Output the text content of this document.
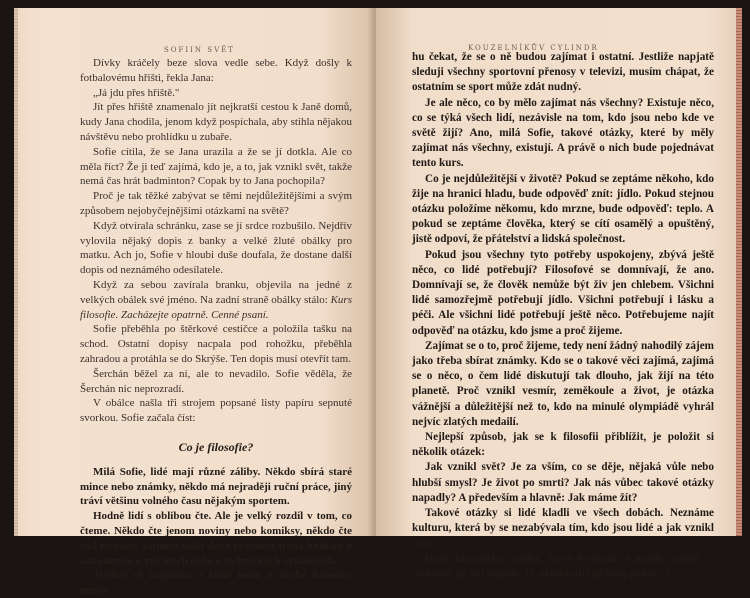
SOFIIN SVĚT

Dívky kráčely beze slova vedle sebe. Když došly k fotbalovému hřišti, řekla Jana:

„Já jdu přes hřiště."

Jít přes hřiště znamenalo jít nejkratší cestou k Janě domů, kudy Jana chodila, jenom když pospíchala, aby stihla nějakou návštěvu nebo prohlídku u zubaře.

Sofie cítila, že se Jana urazila a že se jí dotkla. Ale co měla říct? Že ji teď zajímá, kdo je, a to, jak vznikl svět, takže nemá čas hrát badminton? Copak by to Jana pochopila?

Proč je tak těžké zabývat se těmi nejdůležitějšími a svým způsobem nejobyčejnějšími otázkami na světě?

Když otvírala schránku, zase se jí srdce rozbušilo. Nejdřív vylovila nějaký dopis z banky a velké žluté obálky pro matku. Ach jo, Sofie v hloubi duše doufala, že dostane další dopis od neznámého odesílatele.

Když za sebou zavírala branku, objevila na jedné z velkých obálek své jméno. Na zadní straně obálky stálo: Kurs filosofie. Zacházejte opatrně. Cenné psaní.

Sofie přeběhla po štěrkové cestičce a položila tašku na schod. Ostatní dopisy nacpala pod rohožku, přeběhla zahradou a protáhla se do Skrýše. Ten dopis musí otevřít tam.

Šerchán běžel za ní, ale to nevadilo. Sofie věděla, že Šerchán nic neprozradí.

V obálce našla tři strojem popsané listy papíru sepnuté svorkou. Sofie začala číst:

Co je filosofie?

Milá Sofie, lidé mají různé záliby. Někdo sbírá staré mince nebo známky, někdo má nejraději ruční práce, jiný tráví většinu volného času nějakým sportem.

Hodně lidí s oblibou čte. Ale je velký rozdíl v tom, co čteme. Někdo čte jenom noviny nebo komiksy, někdo čte rád romány, zatímco další dává přednost třeba knihám o astronomii, o zvířatech nebo o technických vynálezech.

Jestliže se zajímám o koně nebo o drahé kameny, nemo-

KOUZELNÍKŮV CYLINDR

hu čekat, že se o ně budou zajímat i ostatní. Jestliže napjatě sleduji všechny sportovní přenosy v televizi, musím chápat, že ostatním se sport může zdát nudný.

Je ale něco, co by mělo zajímat nás všechny? Existuje něco, co se týká všech lidí, nezávisle na tom, kdo jsou nebo kde ve světě žijí? Ano, milá Sofie, takové otázky, které by měly zajímat nás všechny, existují. A právě o nich bude pojednávat tento kurs.

Co je nejdůležitější v životě? Pokud se zeptáme někoho, kdo žije na hranici hladu, bude odpověď znít: jídlo. Pokud stejnou otázku položíme někomu, kdo mrzne, bude odpověď: teplo. A pokud se zeptáme člověka, který se cítí osamělý a opuštěný, jistě odpoví, že přátelství a lidská společnost.

Pokud jsou všechny tyto potřeby uspokojeny, zbývá ještě něco, co lidé potřebují? Filosofové se domnívají, že ano. Domnívají se, že člověk nemůže být živ jen chlebem. Všichni lidé samozřejmě potřebují jídlo. Všichni potřebují i lásku a péči. Ale všichni lidé potřebují ještě něco. Potřebujeme najít odpověď na otázku, kdo jsme a proč žijeme.

Zajímat se o to, proč žijeme, tedy není žádný nahodilý zájem jako třeba sbírat známky. Kdo se o takové věci zajímá, zajímá se o něco, o čem lidé diskutují tak dlouho, jak žijí na této planetě. Proč vznikl vesmír, zeměkoule a život, je otázka vážnější a důležitější než to, kdo na minulé olympiádě vyhrál nejvíc zlatých medailí.

Nejlepší způsob, jak se k filosofii přiblížit, je položit si několik otázek:

Jak vznikl svět? Je za vším, co se děje, nějaká vůle nebo hlubší smysl? Je život po smrti? Jak nás vůbec takové otázky napadly? A především a hlavně: Jak máme žít?

Takové otázky si lidé kladli ve všech dobách. Neznáme kulturu, která by se nezabývala tím, kdo jsou lidé a jak vznikl svět.

Další filosofické otázky, které bychom si mohli položit, v podstatě už ani nejsou. Ty nejdůležitější jsme právě vy-
